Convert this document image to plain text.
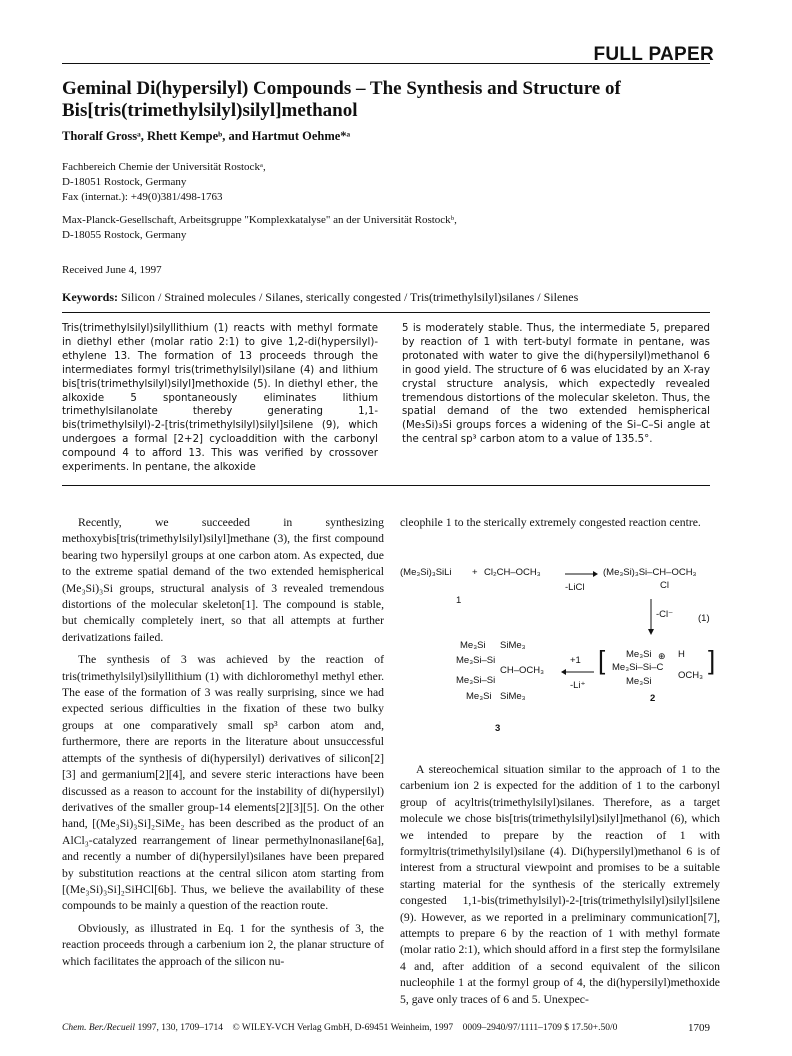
FULL PAPER
Geminal Di(hypersilyl) Compounds – The Synthesis and Structure of Bis[tris(trimethylsilyl)silyl]methanol
Thoralf Grossᵃ, Rhett Kempeᵇ, and Hartmut Oehme*ᵃ
Fachbereich Chemie der Universität Rostockᵃ,
D-18051 Rostock, Germany
Fax (internat.): +49(0)381/498-1763
Max-Planck-Gesellschaft, Arbeitsgruppe "Komplexkatalyse" an der Universität Rostockᵇ,
D-18055 Rostock, Germany
Received June 4, 1997
Keywords: Silicon / Strained molecules / Silanes, sterically congested / Tris(trimethylsilyl)silanes / Silenes
Tris(trimethylsilyl)silyllithium (1) reacts with methyl formate in diethyl ether (molar ratio 2:1) to give 1,2-di(hypersilyl)-ethylene 13. The formation of 13 proceeds through the intermediates formyl tris(trimethylsilyl)silane (4) and lithium bis[tris(trimethylsilyl)silyl]methoxide (5). In diethyl ether, the alkoxide 5 spontaneously eliminates lithium trimethylsilanolate thereby generating 1,1-bis(trimethylsilyl)-2-[tris(trimethylsilyl)silyl]silene (9), which undergoes a formal [2+2] cycloaddition with the carbonyl compound 4 to afford 13. This was verified by crossover experiments. In pentane, the alkoxide
5 is moderately stable. Thus, the intermediate 5, prepared by reaction of 1 with tert-butyl formate in pentane, was protonated with water to give the di(hypersilyl)methanol 6 in good yield. The structure of 6 was elucidated by an X-ray crystal structure analysis, which expectedly revealed tremendous distortions of the molecular skeleton. Thus, the spatial demand of the two extended hemispherical (Me₃Si)₃Si groups forces a widening of the Si–C–Si angle at the central sp³ carbon atom to a value of 135.5°.

Recently, we succeeded in synthesizing methoxybis[tris(trimethylsilyl)silyl]methane (3), the first compound bearing two hypersilyl groups at one carbon atom. As expected, due to the extreme spatial demand of the two extended hemispherical (Me₃Si)₃Si groups, structural analysis of 3 revealed tremendous distortions of the molecular skeleton[1]. The compound is stable, but chemically completely inert, so that all attempts at further derivatizations failed.

The synthesis of 3 was achieved by the reaction of tris(trimethylsilyl)silyllithium (1) with dichloromethyl methyl ether. The ease of the formation of 3 was really surprising, since we had expected serious difficulties in the fixation of these two bulky groups at one comparatively small sp³ carbon atom and, furthermore, there are reports in the literature about unsuccessful attempts of the synthesis of di(hypersilyl) derivatives of silicon[2][3] and germanium[2][4], and severe steric interactions have been discussed as a reason to account for the instability of di(hypersilyl) derivatives of the smaller group-14 elements[2][3][5]. On the other hand, [(Me₃Si)₃Si]₂SiMe₂ has been described as the product of an AlCl₃-catalyzed rearrangement of linear permethylnonasilane[6a], and recently a number of di(hypersilyl)silanes have been prepared by substitution reactions at the central silicon atom starting from [(Me₃Si)₃Si]₂SiHCl[6b]. Thus, we believe the availability of these compounds to be mainly a question of the reaction route.

Obviously, as illustrated in Eq. 1 for the synthesis of 3, the reaction proceeds through a carbenium ion 2, the planar structure of which facilitates the approach of the silicon nu-

cleophile 1 to the sterically extremely congested reaction centre.

(Me₃Si)₃SiLi + Cl₂CH–OCH₃
-LiCl
(Me₃Si)₃Si–CH–OCH₃
Cl
1
-Cl⁻	(1)
Me₃Si SiMe₃
Me₃Si–Si
CH–OCH₃
Me₃Si–Si
Me₃Si SiMe₃
+1
-Li⁺
[ Me₃Si ⊕ H
Me₃Si–Si–C
OCH₃
Me₃Si
]
2
3

A stereochemical situation similar to the approach of 1 to the carbenium ion 2 is expected for the addition of 1 to the carbonyl group of acyltris(trimethylsilyl)silanes. Therefore, as a target molecule we chose bis[tris(trimethylsilyl)silyl]methanol (6), which we intended to prepare by the reaction of 1 with formyltris(trimethylsilyl)silane (4). Di(hypersilyl)methanol 6 is of interest from a structural viewpoint and promises to be a suitable starting material for the synthesis of the sterically extremely congested 1,1-bis(trimethylsilyl)-2-[tris(trimethylsilyl)silyl]silene (9). However, as we reported in a preliminary communication[7], attempts to prepare 6 by the reaction of 1 with methyl formate (molar ratio 2:1), which should afford in a first step the formylsilane 4 and, after addition of a second equivalent of the silicon nucleophile 1 at the formyl group of 4, the di(hypersilyl)methoxide 5, gave only traces of 6 and 5. Unexpec-

Chem. Ber./Recueil 1997, 130, 1709–1714 © WILEY-VCH Verlag GmbH, D-69451 Weinheim, 1997 0009–2940/97/1111–1709 $ 17.50+.50/0	1709
